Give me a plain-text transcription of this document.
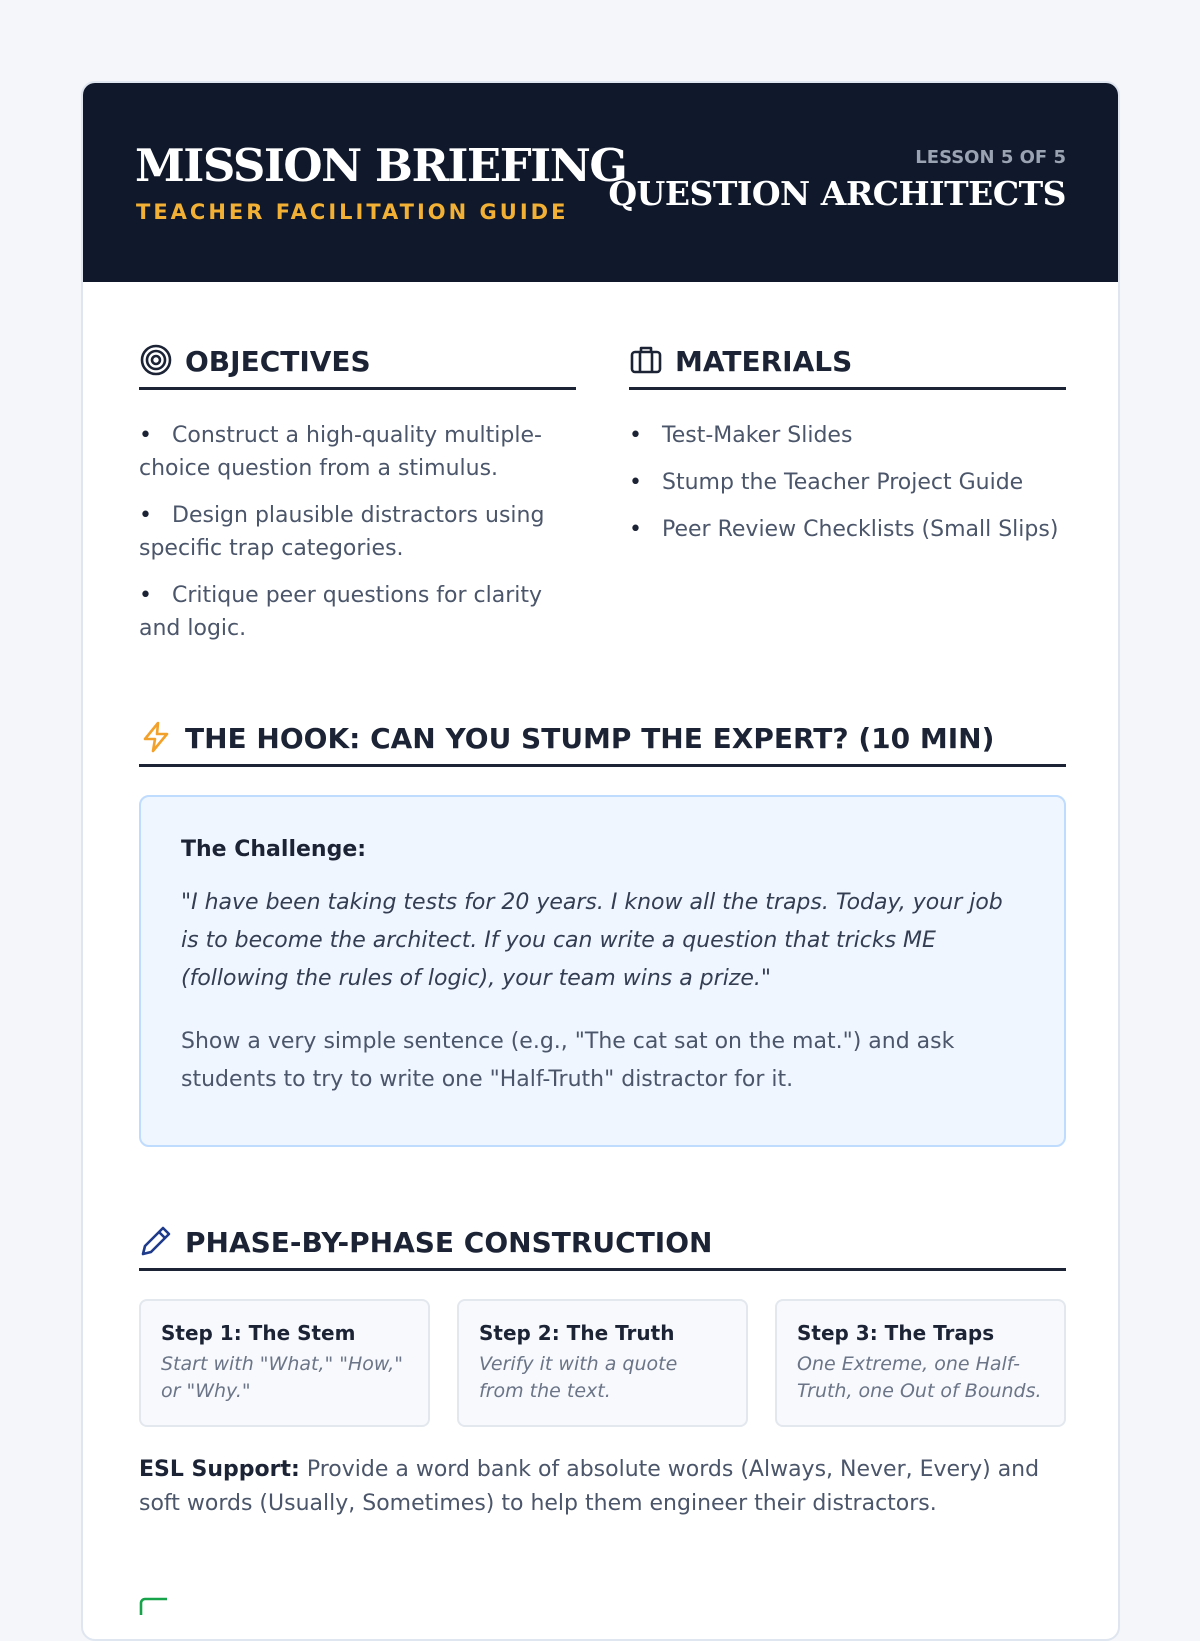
MISSION BRIEFING
TEACHER FACILITATION GUIDE
LESSON 5 OF 5
QUESTION ARCHITECTS
OBJECTIVES
• Construct a high-quality multiple-choice question from a stimulus.
• Design plausible distractors using specific trap categories.
• Critique peer questions for clarity and logic.
MATERIALS
• Test-Maker Slides
• Stump the Teacher Project Guide
• Peer Review Checklists (Small Slips)
THE HOOK: CAN YOU STUMP THE EXPERT? (10 MIN)
The Challenge:
"I have been taking tests for 20 years. I know all the traps. Today, your job is to become the architect. If you can write a question that tricks ME (following the rules of logic), your team wins a prize."
Show a very simple sentence (e.g., "The cat sat on the mat.") and ask students to try to write one "Half-Truth" distractor for it.
PHASE-BY-PHASE CONSTRUCTION
Step 1: The Stem
Start with "What," "How," or "Why."
Step 2: The Truth
Verify it with a quote from the text.
Step 3: The Traps
One Extreme, one Half-Truth, one Out of Bounds.
ESL Support: Provide a word bank of absolute words (Always, Never, Every) and soft words (Usually, Sometimes) to help them engineer their distractors.
